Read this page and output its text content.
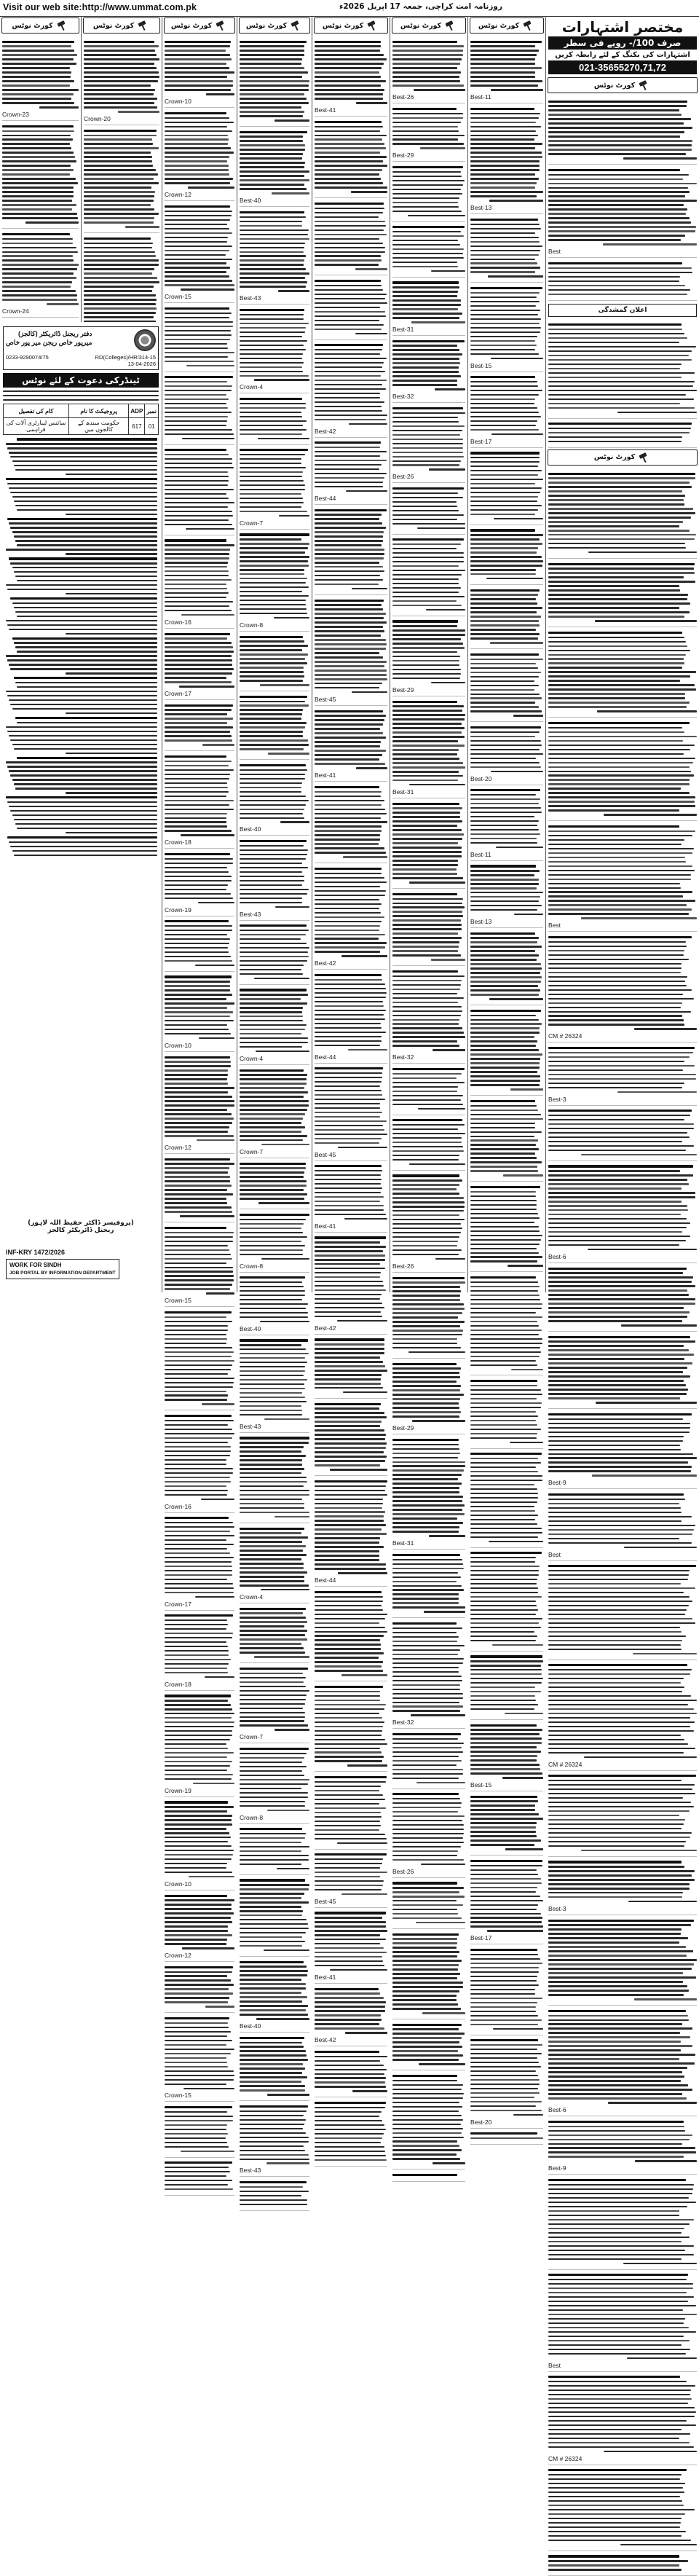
Visit our web site:http://www.ummat.com.pk	روزنامہ امت کراچی، جمعہ 17 اپریل 2026ء
کورٹ نوٹس
Crown-23
Crown-24
کورٹ نوٹس
Crown-20
دفتر ریجنل ڈائریکٹر (کالجز)
میرپور خاص ریجن میر پور خاص
0233-9290074/75	RD(Colleges)/HR/314-15
13-04-2026
ٹینڈرکی دعوت کے لئے نوٹس
کام کی تفصیل	پروجیکٹ کا نام	ADP	نمبر
سائنس لیبارٹری آلات کی فراہمی	حکومت سندھ کے کالجوں میں	617	01
(پروفیسر ڈاکٹر حفیظ اللہ لاہور)
ریجنل ڈائریکٹر کالجز
INF-KRY 1472/2026
WORK FOR SINDH
JOB PORTAL BY INFORMATION DEPARTMENT
کورٹ نوٹس
Crown-10
Crown-12
Crown-15
Crown-16
Crown-17
Crown-18
Crown-19
Crown-10
Crown-12
Crown-15
Crown-16
Crown-17
Crown-18
Crown-19
Crown-10
Crown-12
Crown-15
کورٹ نوٹس
Best-40
Best-43
Crown-4
Crown-7
Crown-8
Best-40
Best-43
Crown-4
Crown-7
Crown-8
Best-40
Best-43
Crown-4
Crown-7
Crown-8
Best-40
Best-43
کورٹ نوٹس
Best-41
Best-42
Best-44
Best-45
Best-41
Best-42
Best-44
Best-45
Best-41
Best-42
Best-44
Best-45
Best-41
Best-42
کورٹ نوٹس
Best-26
Best-29
Best-31
Best-32
Best-26
Best-29
Best-31
Best-32
Best-26
Best-29
Best-31
Best-32
Best-26
کورٹ نوٹس
Best-11
Best-13
Best-15
Best-17
Best-20
Best-11
Best-13
Best-15
Best-17
Best-20
مختصر اشتہارات
صرف 100/- روپے فی سطر
اشتہارات کی بکنگ کے لئے رابطہ کریں
021-35655270,71,72
کورٹ نوٹس
Best
اعلان گمشدگی
کورٹ نوٹس
Best
CM # 26324
Best-3
Best-6
Best-9
Best
CM # 26324
Best-3
Best-6
Best-9
Best
CM # 26324
